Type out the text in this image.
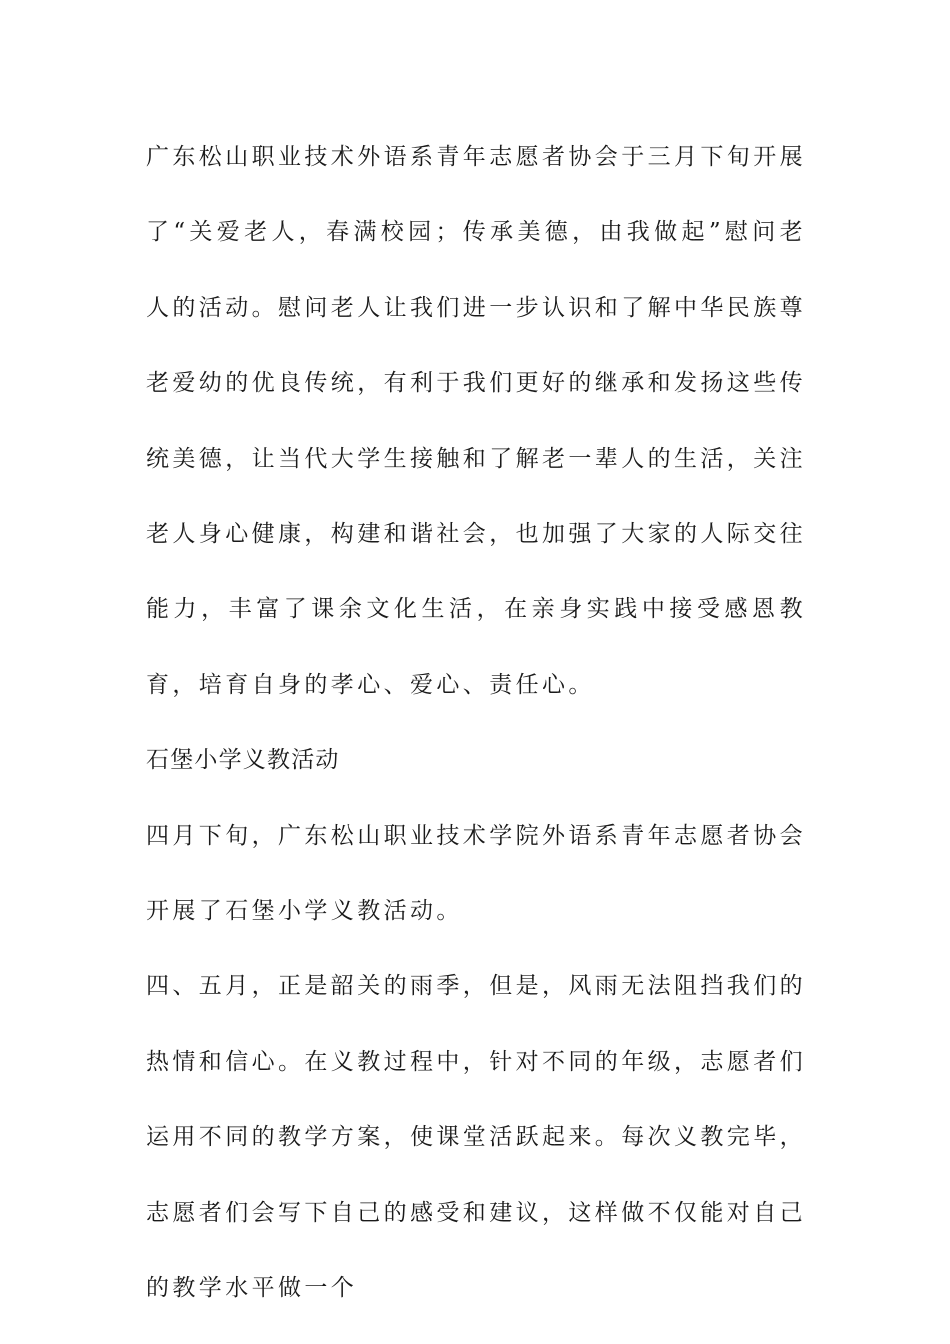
广东松山职业技术外语系青年志愿者协会于三月下旬开展了“关爱老人，春满校园；传承美德，由我做起”慰问老人的活动。慰问老人让我们进一步认识和了解中华民族尊老爱幼的优良传统，有利于我们更好的继承和发扬这些传统美德，让当代大学生接触和了解老一辈人的生活，关注老人身心健康，构建和谐社会，也加强了大家的人际交往能力，丰富了课余文化生活，在亲身实践中接受感恩教育，培育自身的孝心、爱心、责任心。

石堡小学义教活动

四月下旬，广东松山职业技术学院外语系青年志愿者协会开展了石堡小学义教活动。

四、五月，正是韶关的雨季，但是，风雨无法阻挡我们的热情和信心。在义教过程中，针对不同的年级，志愿者们运用不同的教学方案，使课堂活跃起来。每次义教完毕，志愿者们会写下自己的感受和建议，这样做不仅能对自己的教学水平做一个
